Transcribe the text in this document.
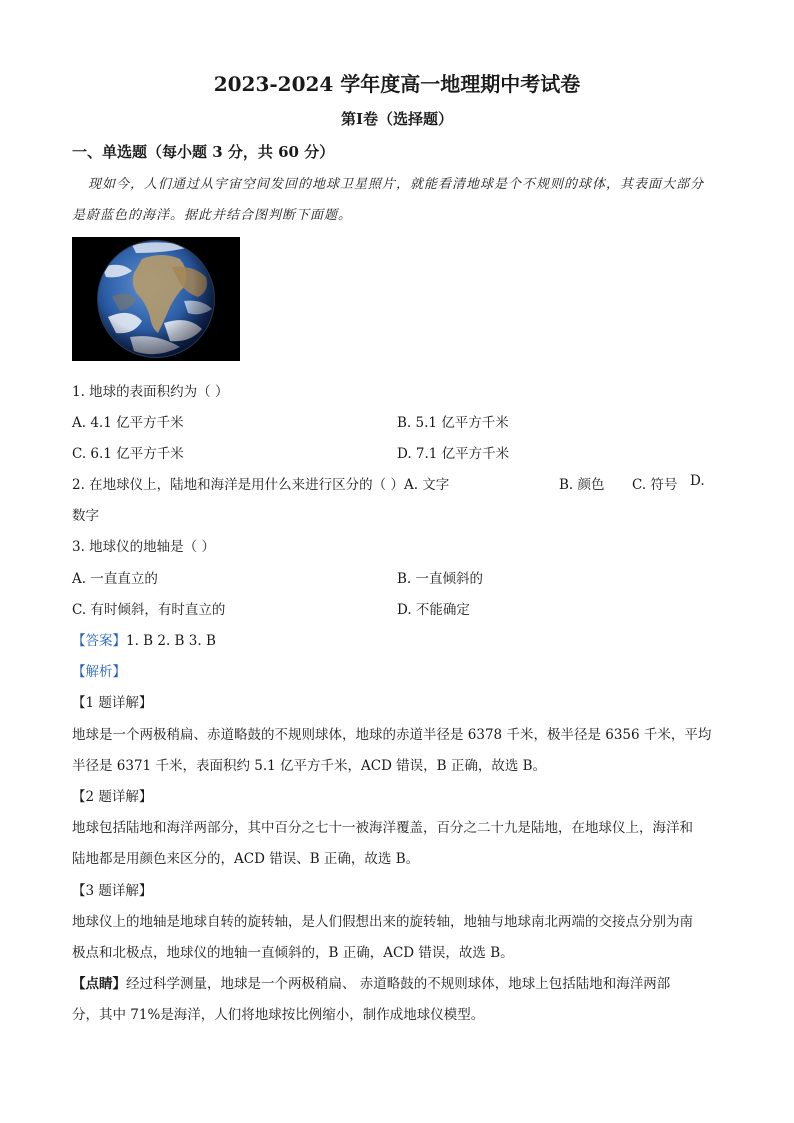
2023-2024 学年度高一地理期中考试卷
第Ⅰ卷（选择题）
一、单选题（每小题 3 分，共 60 分）
现如今，人们通过从宇宙空间发回的地球卫星照片，就能看清地球是个不规则的球体，其表面大部分
是蔚蓝色的海洋。据此并结合图判断下面题。
1. 地球的表面积约为（ ）
A. 4.1 亿平方千米	B. 5.1 亿平方千米
C. 6.1 亿平方千米	D. 7.1 亿平方千米
2. 在地球仪上，陆地和海洋是用什么来进行区分的（ ）A. 文字	B. 颜色 C. 符号 D.
数字
3. 地球仪的地轴是（ ）
A. 一直直立的	B. 一直倾斜的
C. 有时倾斜，有时直立的	D. 不能确定
【答案】1. B 2. B 3. B
【解析】
【1 题详解】
地球是一个两极稍扁、赤道略鼓的不规则球体，地球的赤道半径是 6378 千米，极半径是 6356 千米，平均
半径是 6371 千米，表面积约 5.1 亿平方千米，ACD 错误，B 正确，故选 B。
【2 题详解】
地球包括陆地和海洋两部分，其中百分之七十一被海洋覆盖，百分之二十九是陆地，在地球仪上，海洋和
陆地都是用颜色来区分的，ACD 错误、B 正确，故选 B。
【3 题详解】
地球仪上的地轴是地球自转的旋转轴，是人们假想出来的旋转轴，地轴与地球南北两端的交接点分别为南
极点和北极点，地球仪的地轴一直倾斜的，B 正确，ACD 错误，故选 B。
【点睛】经过科学测量，地球是一个两极稍扁、 赤道略鼓的不规则球体，地球上包括陆地和海洋两部
分，其中 71%是海洋，人们将地球按比例缩小，制作成地球仪模型。
